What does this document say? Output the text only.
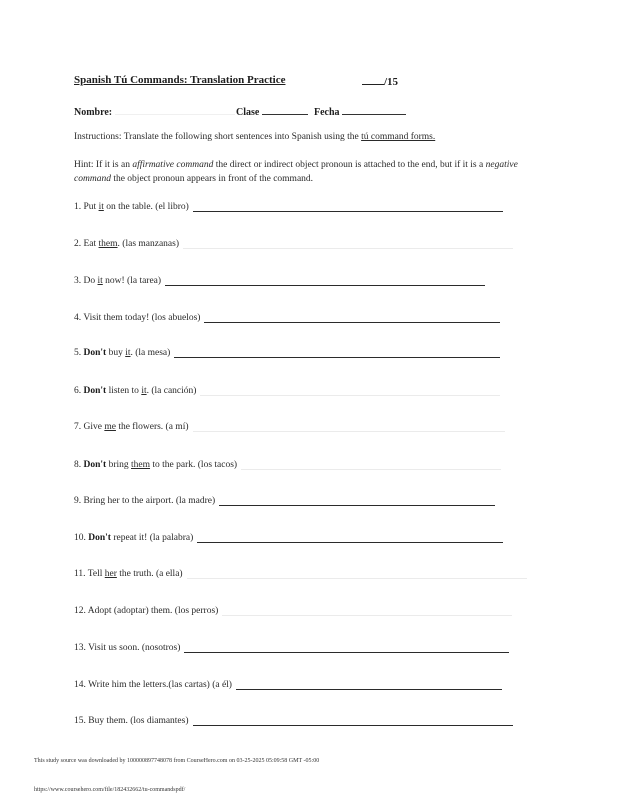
Spanish Tú Commands: Translation Practice	/15
Nombre:	Clase	Fecha
Instructions: Translate the following short sentences into Spanish using the tú command forms.
Hint: If it is an affirmative command the direct or indirect object pronoun is attached to the end, but if it is a negative command the object pronoun appears in front of the command.
1. Put it on the table. (el libro)
2. Eat them. (las manzanas)
3. Do it now! (la tarea)
4. Visit them today! (los abuelos)
5. Don't buy it. (la mesa)
6. Don't listen to it. (la canción)
7. Give me the flowers. (a mí)
8. Don't bring them to the park. (los tacos)
9. Bring her to the airport. (la madre)
10. Don't repeat it! (la palabra)
11. Tell her the truth. (a ella)
12. Adopt (adoptar) them. (los perros)
13. Visit us soon. (nosotros)
14. Write him the letters.(las cartas) (a él)
15. Buy them. (los diamantes)
This study source was downloaded by 100000897748078 from CourseHero.com on 03-25-2025 05:09:58 GMT -05:00
https://www.coursehero.com/file/182432662/tu-commandspdf/
